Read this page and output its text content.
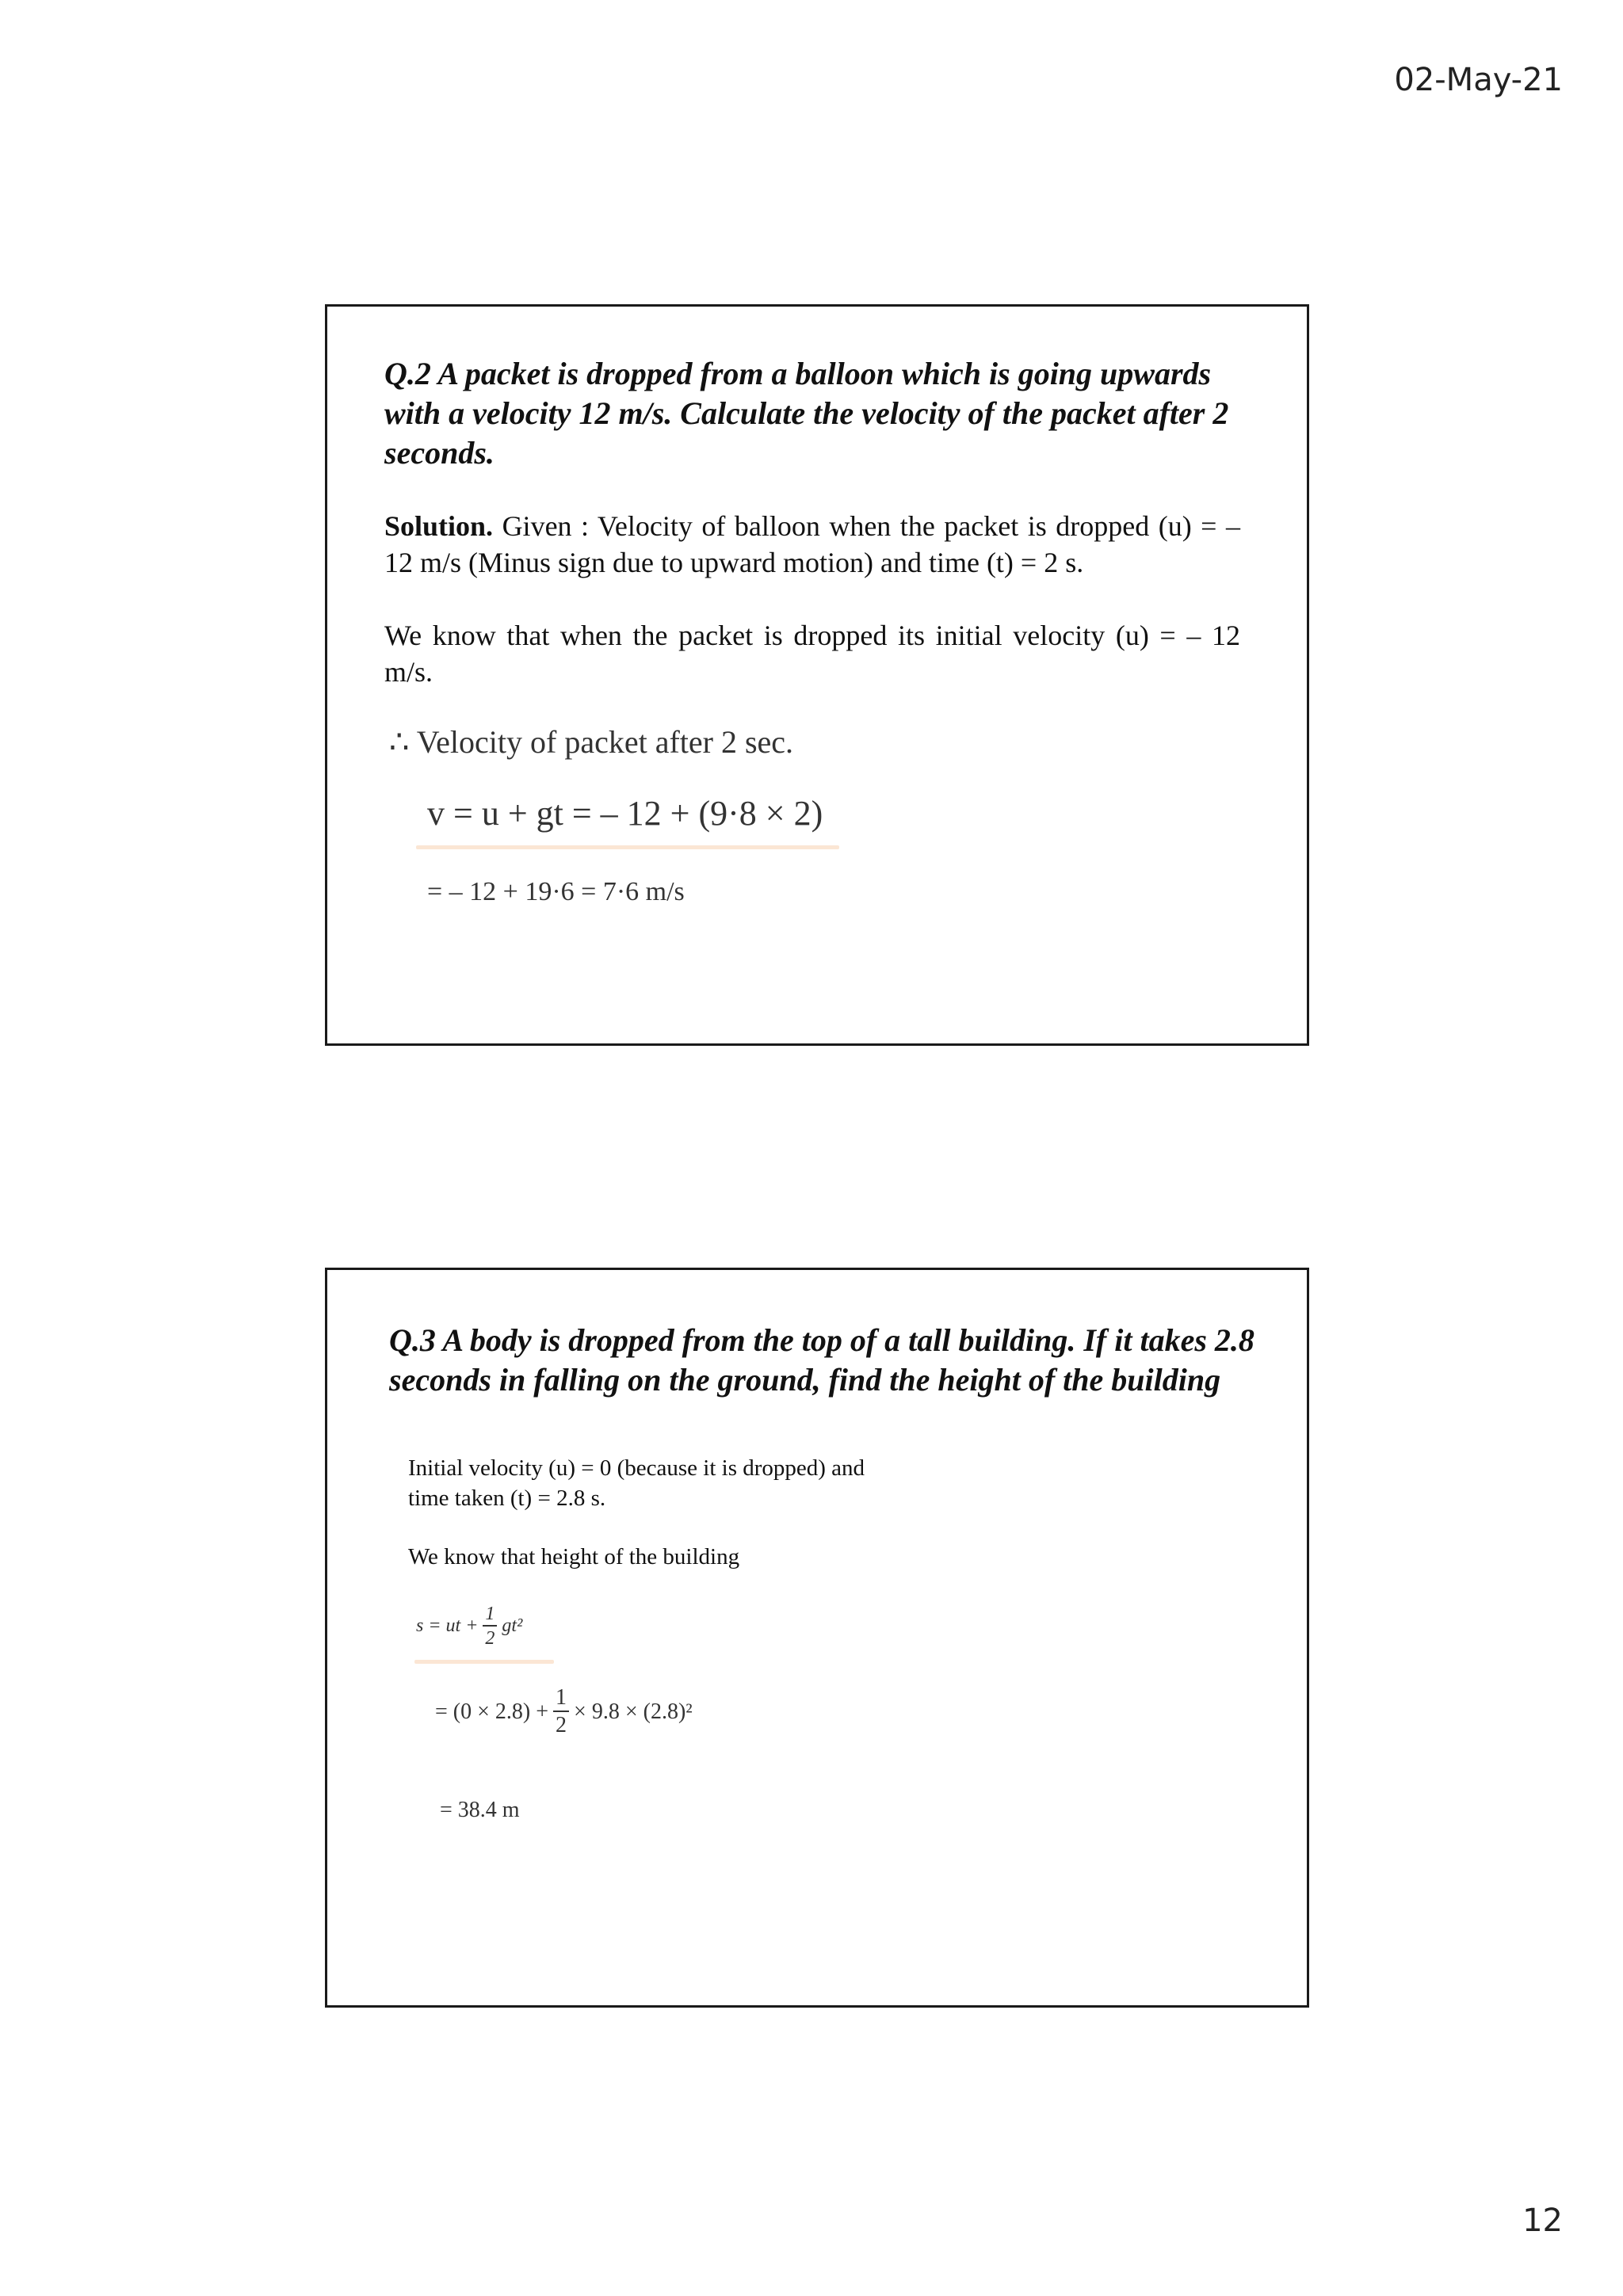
02-May-21

Q.2 A packet is dropped from a balloon which is going upwards with a velocity 12 m/s. Calculate the velocity of the packet after 2 seconds.

Solution. Given : Velocity of balloon when the packet is dropped (u) = – 12 m/s (Minus sign due to upward motion) and time (t) = 2 s.

We know that when the packet is dropped its initial velocity (u) = – 12 m/s.

∴ Velocity of packet after 2 sec.

v = u + gt = – 12 + (9·8 × 2)

= – 12 + 19·6 = 7·6 m/s

Q.3 A body is dropped from the top of a tall building. If it takes 2.8 seconds in falling on the ground, find the height of the building

Initial velocity (u) = 0 (because it is dropped) and

time taken (t) = 2.8 s.

We know that height of the building

s = ut + $\frac{1}{2} gt^2$
= $(0 \times 2.8) + \frac{1}{2} \times 9.8 \times (2.8)^2$

= 38.4 m

12
